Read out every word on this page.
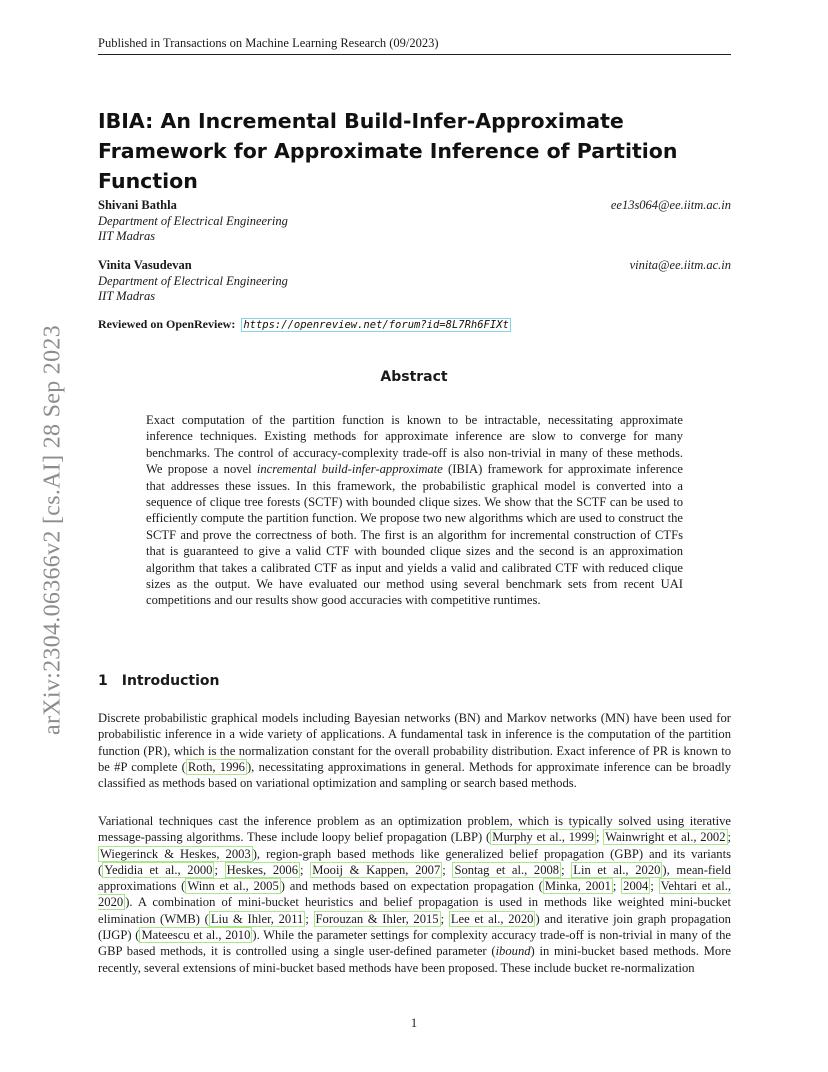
Published in Transactions on Machine Learning Research (09/2023)
arXiv:2304.06366v2 [cs.AI] 28 Sep 2023
IBIA: An Incremental Build-Infer-Approximate Framework for Approximate Inference of Partition Function
Shivani Bathla	ee13s064@ee.iitm.ac.in
Department of Electrical Engineering
IIT Madras
Vinita Vasudevan	vinita@ee.iitm.ac.in
Department of Electrical Engineering
IIT Madras
Reviewed on OpenReview: https://openreview.net/forum?id=8L7Rh6FIXt
Abstract

Exact computation of the partition function is known to be intractable, necessitating approximate inference techniques. Existing methods for approximate inference are slow to converge for many benchmarks. The control of accuracy-complexity trade-off is also non-trivial in many of these methods. We propose a novel incremental build-infer-approximate (IBIA) framework for approximate inference that addresses these issues. In this framework, the probabilistic graphical model is converted into a sequence of clique tree forests (SCTF) with bounded clique sizes. We show that the SCTF can be used to efficiently compute the partition function. We propose two new algorithms which are used to construct the SCTF and prove the correctness of both. The first is an algorithm for incremental construction of CTFs that is guaranteed to give a valid CTF with bounded clique sizes and the second is an approximation algorithm that takes a calibrated CTF as input and yields a valid and calibrated CTF with reduced clique sizes as the output. We have evaluated our method using several benchmark sets from recent UAI competitions and our results show good accuracies with competitive runtimes.

1 Introduction

Discrete probabilistic graphical models including Bayesian networks (BN) and Markov networks (MN) have been used for probabilistic inference in a wide variety of applications. A fundamental task in inference is the computation of the partition function (PR), which is the normalization constant for the overall probability distribution. Exact inference of PR is known to be #P complete ( Roth, 1996 ), necessitating approximations in general. Methods for approximate inference can be broadly classified as methods based on variational optimization and sampling or search based methods.

Variational techniques cast the inference problem as an optimization problem, which is typically solved using iterative message-passing algorithms. These include loopy belief propagation (LBP) ( Murphy et al., 1999 ; Wainwright et al., 2002 ; Wiegerinck & Heskes, 2003 ), region-graph based methods like generalized belief propagation (GBP) and its variants ( Yedidia et al., 2000 ; Heskes, 2006 ; Mooij & Kappen, 2007 ; Sontag et al., 2008 ; Lin et al., 2020 ), mean-field approximations ( Winn et al., 2005 ) and methods based on expectation propagation ( Minka, 2001 ; 2004 ; Vehtari et al., 2020 ). A combination of mini-bucket heuristics and belief propagation is used in methods like weighted mini-bucket elimination (WMB) ( Liu & Ihler, 2011 ; Forouzan & Ihler, 2015 ; Lee et al., 2020 ) and iterative join graph propagation (IJGP) ( Mateescu et al., 2010 ). While the parameter settings for complexity accuracy trade-off is non-trivial in many of the GBP based methods, it is controlled using a single user-defined parameter (ibound) in mini-bucket based methods. More recently, several extensions of mini-bucket based methods have been proposed. These include bucket re-normalization

1
